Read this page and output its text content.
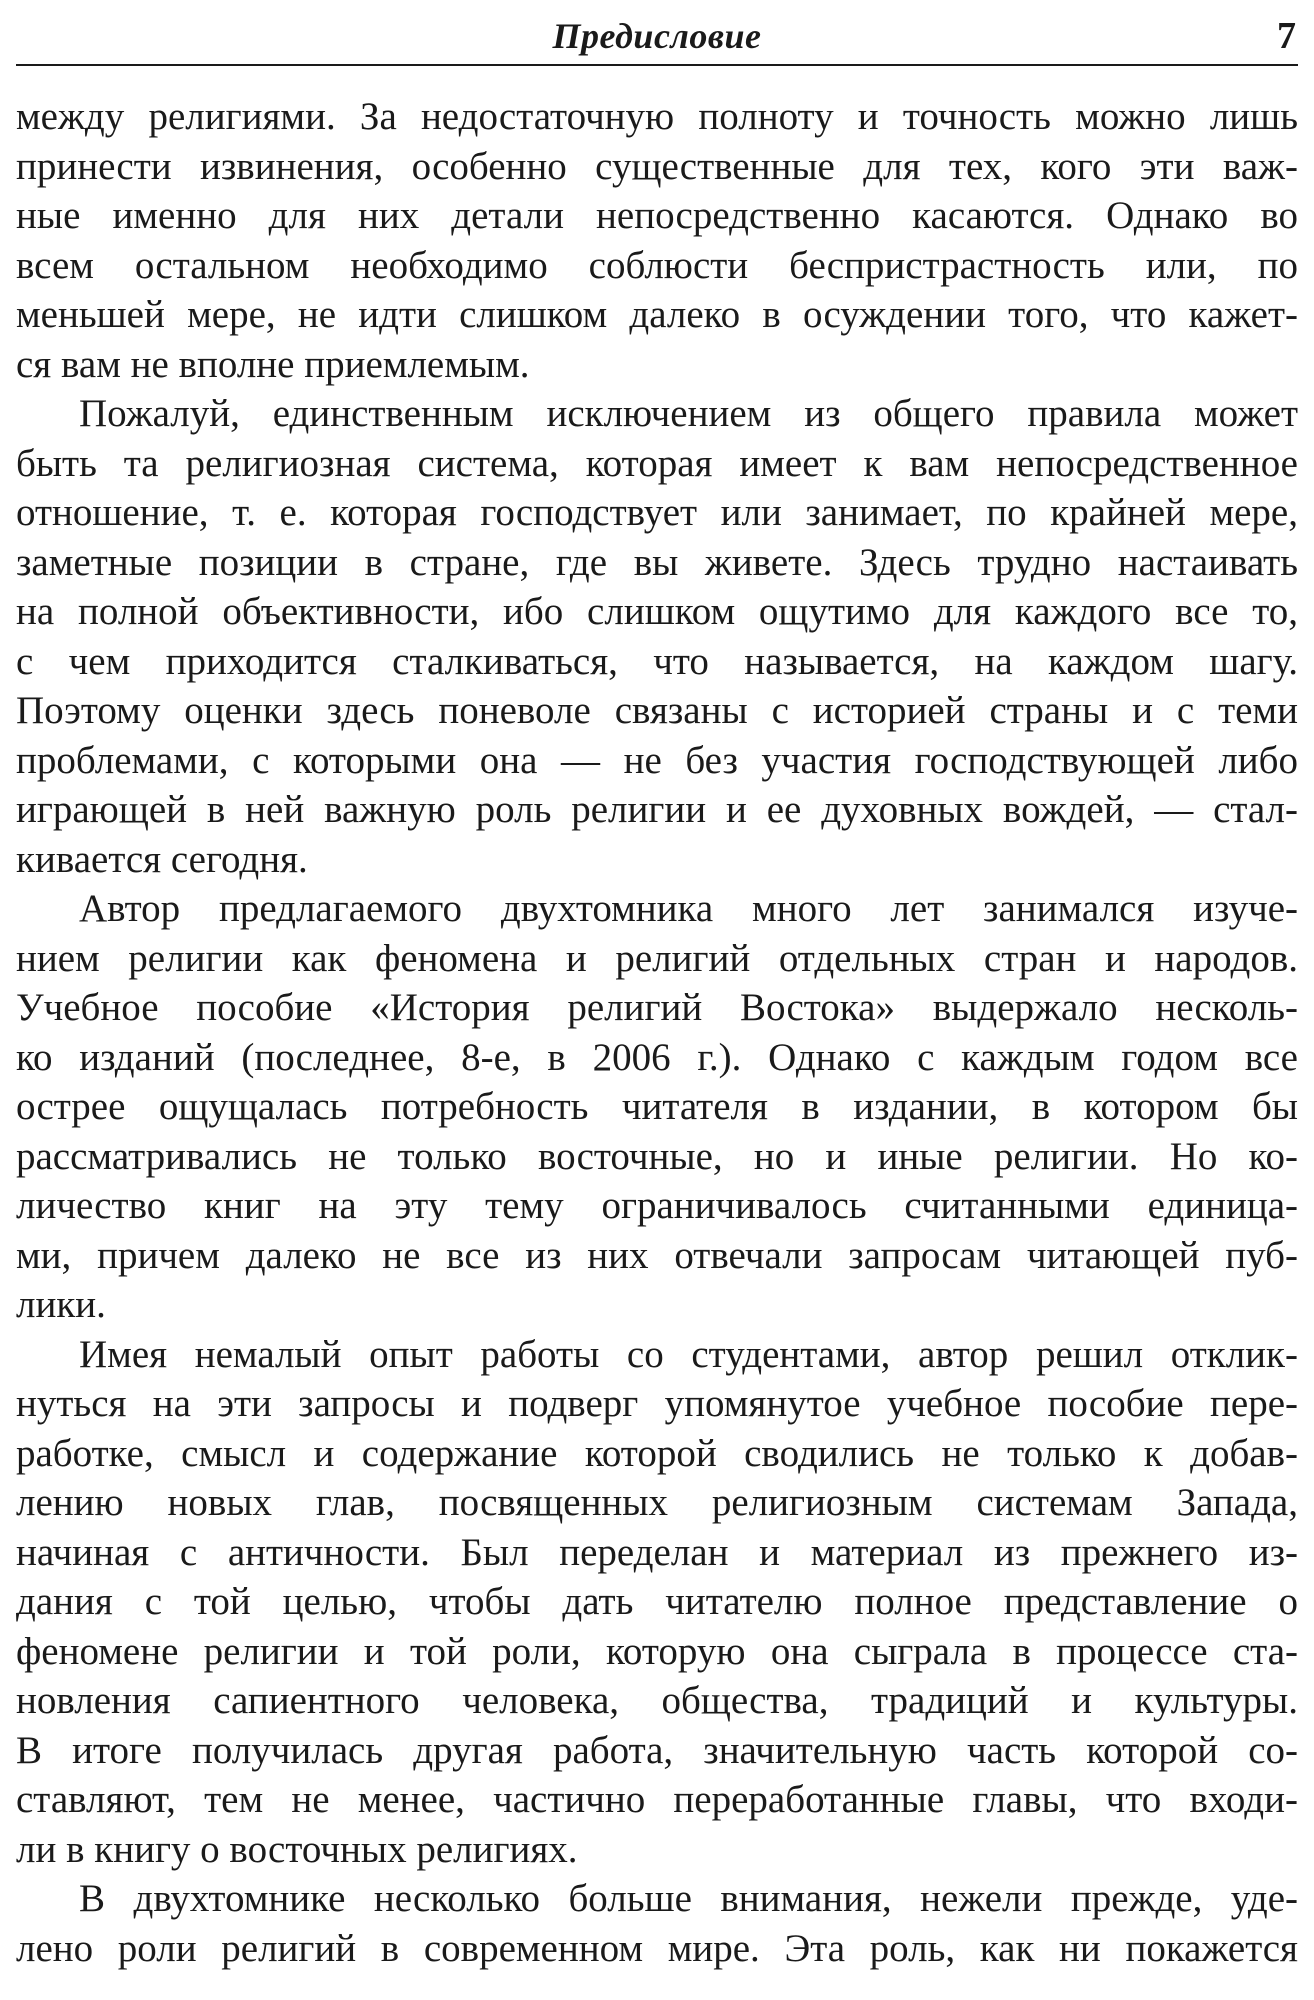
Предисловие	7
между религиями. За недостаточную полноту и точность можно лишь
принести извинения, особенно существенные для тех, кого эти важ-
ные именно для них детали непосредственно касаются. Однако во
всем остальном необходимо соблюсти беспристрастность или, по
меньшей мере, не идти слишком далеко в осуждении того, что кажет-
ся вам не вполне приемлемым.
Пожалуй, единственным исключением из общего правила может
быть та религиозная система, которая имеет к вам непосредственное
отношение, т. е. которая господствует или занимает, по крайней мере,
заметные позиции в стране, где вы живете. Здесь трудно настаивать
на полной объективности, ибо слишком ощутимо для каждого все то,
с чем приходится сталкиваться, что называется, на каждом шагу.
Поэтому оценки здесь поневоле связаны с историей страны и с теми
проблемами, с которыми она — не без участия господствующей либо
играющей в ней важную роль религии и ее духовных вождей, — стал-
кивается сегодня.
Автор предлагаемого двухтомника много лет занимался изуче-
нием религии как феномена и религий отдельных стран и народов.
Учебное пособие «История религий Востока» выдержало несколь-
ко изданий (последнее, 8-е, в 2006 г.). Однако с каждым годом все
острее ощущалась потребность читателя в издании, в котором бы
рассматривались не только восточные, но и иные религии. Но ко-
личество книг на эту тему ограничивалось считанными единица-
ми, причем далеко не все из них отвечали запросам читающей пуб-
лики.
Имея немалый опыт работы со студентами, автор решил отклик-
нуться на эти запросы и подверг упомянутое учебное пособие пере-
работке, смысл и содержание которой сводились не только к добав-
лению новых глав, посвященных религиозным системам Запада,
начиная с античности. Был переделан и материал из прежнего из-
дания с той целью, чтобы дать читателю полное представление о
феномене религии и той роли, которую она сыграла в процессе ста-
новления сапиентного человека, общества, традиций и культуры.
В итоге получилась другая работа, значительную часть которой со-
ставляют, тем не менее, частично переработанные главы, что входи-
ли в книгу о восточных религиях.
В двухтомнике несколько больше внимания, нежели прежде, уде-
лено роли религий в современном мире. Эта роль, как ни покажется
